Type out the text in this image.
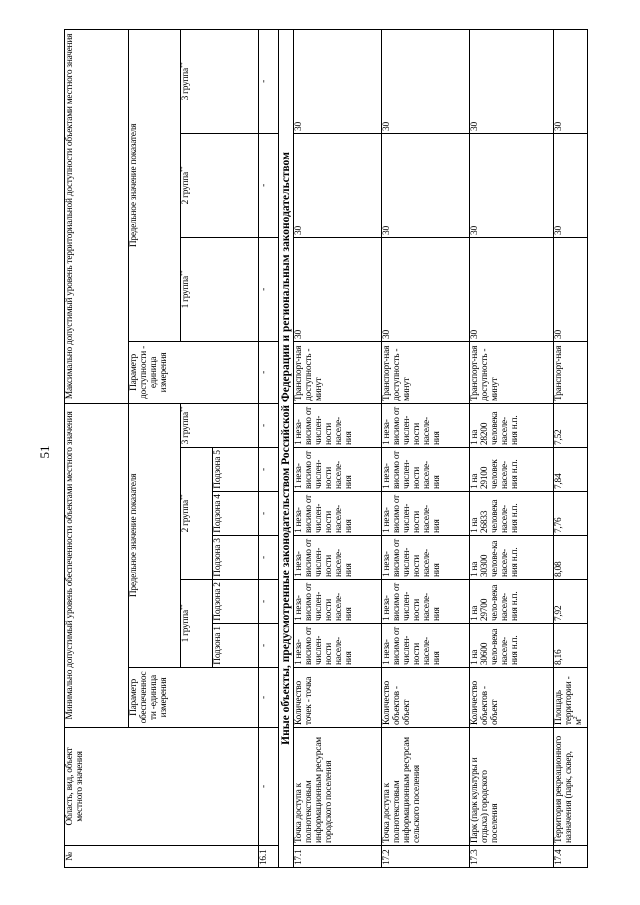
51
№	Область, вид, объект местного значения	Минимально допустимый уровень обеспеченности объектами местного значения							Максимально допустимый уровень территориальной доступности объектами местного значения			
		Параметр обеспеченности -единица измерения	Предельное значение показателя						Параметр доступности - единица измерения	Предельное значение показателя		
			1 группа**		2 группа**			3 группа**		1 группа**	2 группа**	3 группа**
			Подзона 1	Подзона 2	Подзона 3	Подзона 4	Подзона 5					
16.1	-	-	-	-	-	-	-	-	-	-	-	-
Иные объекты, предусмотренные законодательством Российской Федерации и региональным законодательством												
17.1	Точка доступа к полнотекстовым информационным ресурсам городского поселения	Количество точек - точка	1 неза-висимо от числен-ности населе-ния	1 неза-висимо от числен-ности населе-ния	1 неза-висимо от числен-ности населе-ния	1 неза-висимо от числен-ности населе-ния	1 неза-висимо от числен-ности населе-ния	1 неза-висимо от числен-ности населе-ния	Транспорт-ная доступность - минут	30	30	30
17.2	Точка доступа к полнотекстовым информационным ресурсам сельского поселения	Количество объектов - объект	1 неза-висимо от числен-ности населе-ния	1 неза-висимо от числен-ности населе-ния	1 неза-висимо от числен-ности населе-ния	1 неза-висимо от числен-ности населе-ния	1 неза-висимо от числен-ности населе-ния	1 неза-висимо от числен-ности населе-ния	Транспорт-ная доступность - минут	30	30	30
17.3	Парк (парк культуры и отдыха) городского поселения	Количество объектов - объект	1 на 30600 чело-века населе-ния н.п.	1 на 29700 чело-века населе-ния н.п.	1 на 30300 челове-ка населе-ния н.п.	1 на 26833 человека населе-ния н.п.	1 на 29100 человек населе-ния н.п.	1 на 28200 человека населе-ния н.п.	Транспорт-ная доступность - минут	30	30	30
17.4	Территория рекреационного назначения (парк, сквер,	Площадь территории - $м^2$	8,16	7,92	8,08	7,76	7,84	7,52	Транспорт-ная	30	30	30
